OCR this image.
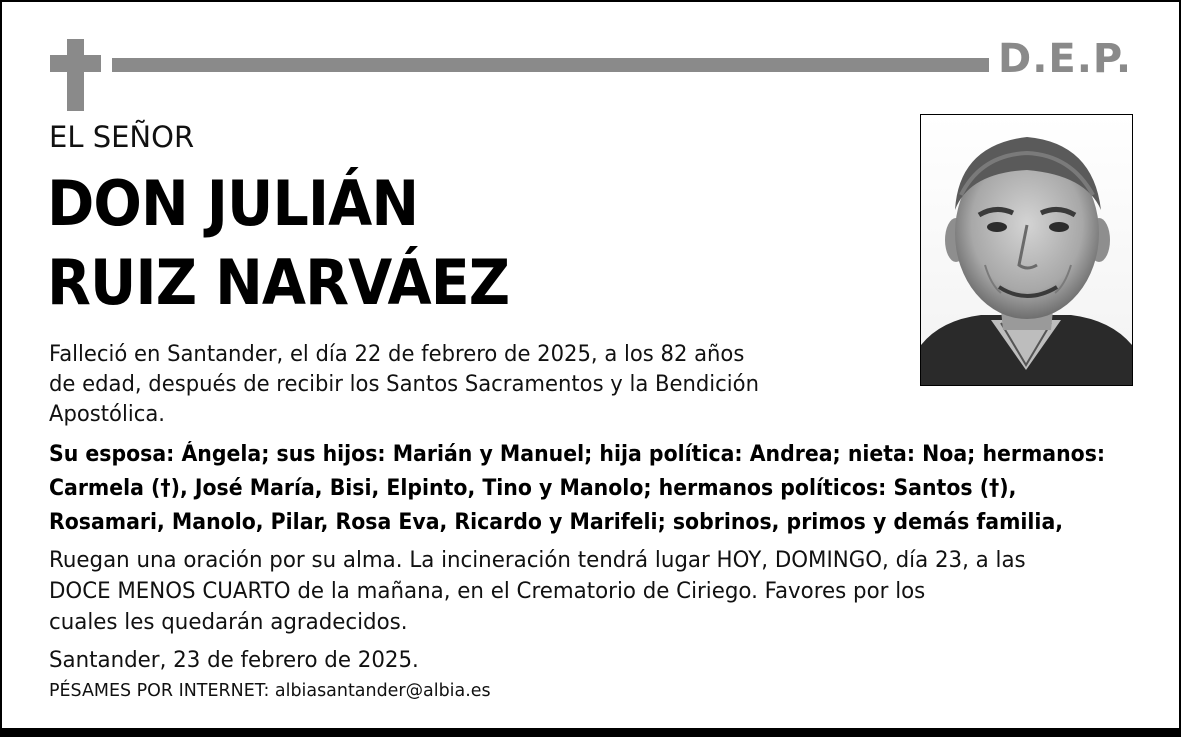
D.E.P.
EL SEÑOR
DON JULIÁN
RUIZ NARVÁEZ
Falleció en Santander, el día 22 de febrero de 2025, a los 82 años
de edad, después de recibir los Santos Sacramentos y la Bendición
Apostólica.
Su esposa: Ángela; sus hijos: Marián y Manuel; hija política: Andrea; nieta: Noa; hermanos:
Carmela (†), José María, Bisi, Elpinto, Tino y Manolo; hermanos políticos: Santos (†),
Rosamari, Manolo, Pilar, Rosa Eva, Ricardo y Marifeli; sobrinos, primos y demás familia,
Ruegan una oración por su alma. La incineración tendrá lugar HOY, DOMINGO, día 23, a las
DOCE MENOS CUARTO de la mañana, en el Crematorio de Ciriego. Favores por los
cuales les quedarán agradecidos.
Santander, 23 de febrero de 2025.
PÉSAMES POR INTERNET: albiasantander@albia.es
